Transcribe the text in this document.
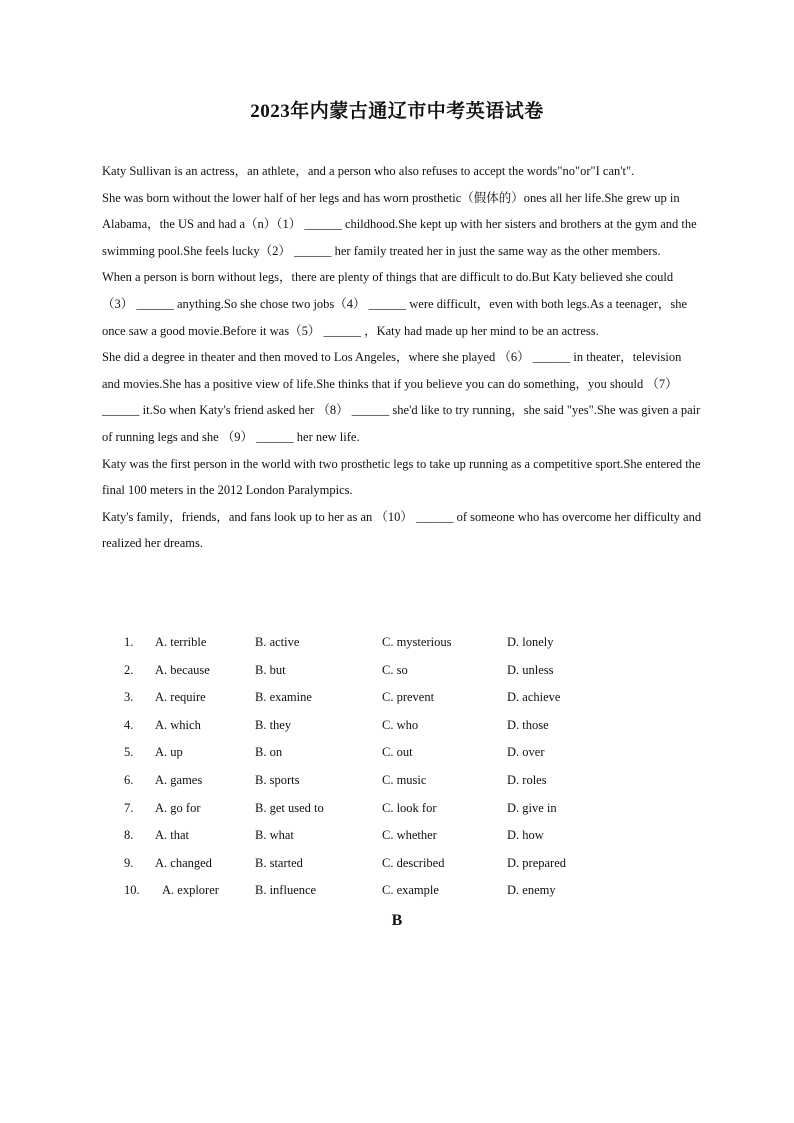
2023年内蒙古通辽市中考英语试卷

Katy Sullivan is an actress，an athlete，and a person who also refuses to accept the words"no"or"I can't".

She was born without the lower half of her legs and has worn prosthetic（假体的）ones all her life.She grew up in Alabama，the US and had a（n）（1） ______ childhood.She kept up with her sisters and brothers at the gym and the swimming pool.She feels lucky（2） ______ her family treated her in just the same way as the other members.

When a person is born without legs，there are plenty of things that are difficult to do.But Katy believed she could（3） ______ anything.So she chose two jobs（4） ______ were difficult，even with both legs.As a teenager，she once saw a good movie.Before it was（5） ______ ，Katy had made up her mind to be an actress.

She did a degree in theater and then moved to Los Angeles，where she played （6） ______ in theater，television and movies.She has a positive view of life.She thinks that if you believe you can do something，you should （7） ______ it.So when Katy's friend asked her （8） ______ she'd like to try running，she said "yes".She was given a pair of running legs and she （9） ______ her new life.

Katy was the first person in the world with two prosthetic legs to take up running as a competitive sport.She entered the final 100 meters in the 2012 London Paralympics.

Katy's family，friends，and fans look up to her as an （10） ______ of someone who has overcome her difficulty and realized her dreams.

1. A. terrible	B. active	C. mysterious	D. lonely
2. A. because	B. but	C. so	D. unless
3. A. require	B. examine	C. prevent	D. achieve
4. A. which	B. they	C. who	D. those
5. A. up	B. on	C. out	D. over
6. A. games	B. sports	C. music	D. roles
7. A. go for	B. get used to	C. look for	D. give in
8. A. that	B. what	C. whether	D. how
9. A. changed	B. started	C. described	D. prepared
10. A. explorer	B. influence	C. example	D. enemy
B
